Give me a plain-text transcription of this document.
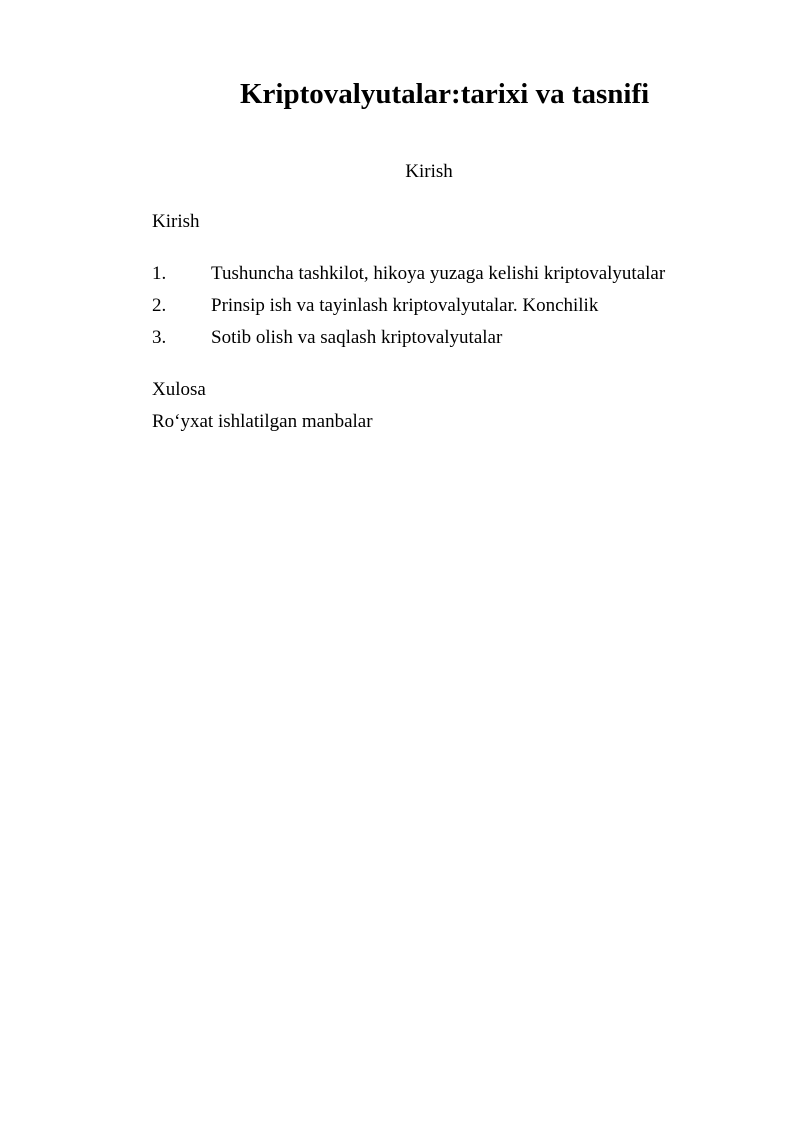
Kriptovalyutalar:tarixi va tasnifi
Kirish
Kirish
1. Tushuncha tashkilot, hikoya yuzaga kelishi kriptovalyutalar
2. Prinsip ish va tayinlash kriptovalyutalar. Konchilik
3. Sotib olish va saqlash kriptovalyutalar
Xulosa
Ro‘yxat ishlatilgan manbalar
